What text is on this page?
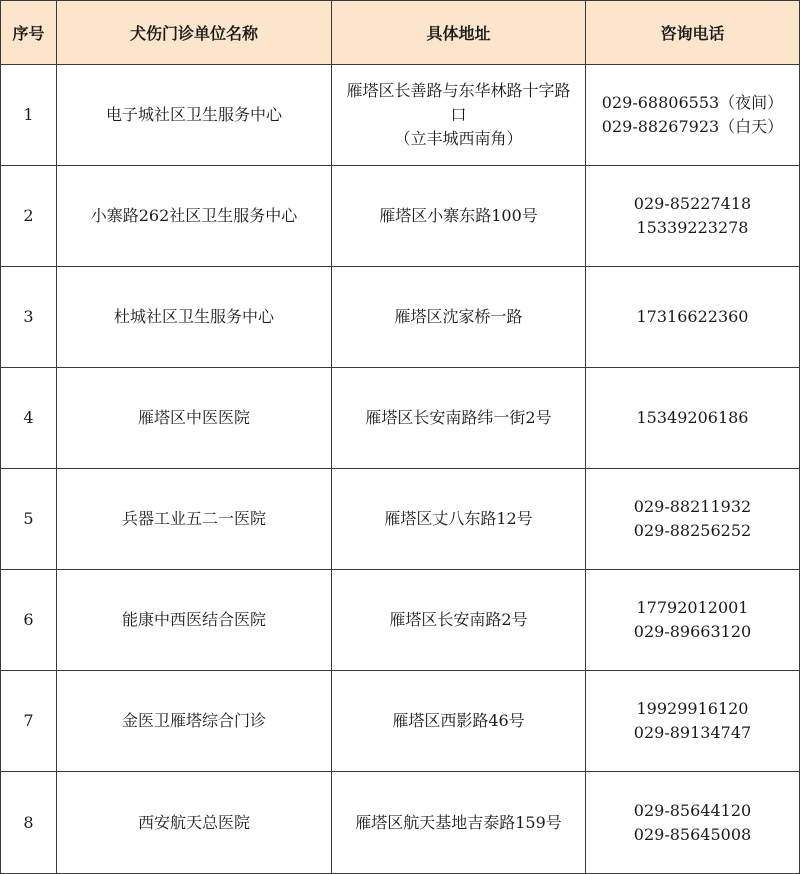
序号	犬伤门诊单位名称	具体地址	咨询电话
1	电子城社区卫生服务中心	雁塔区长善路与东华林路十字路口
（立丰城西南角）	029-68806553（夜间）
029-88267923（白天）

2	小寨路262社区卫生服务中心	雁塔区小寨东路100号	029-85227418
15339223278

3	杜城社区卫生服务中心	雁塔区沈家桥一路	17316622360

4	雁塔区中医医院	雁塔区长安南路纬一街2号	15349206186

5	兵器工业五二一医院	雁塔区丈八东路12号	029-88211932
029-88256252

6	能康中西医结合医院	雁塔区长安南路2号	17792012001
029-89663120

7	金医卫雁塔综合门诊	雁塔区西影路46号	19929916120
029-89134747

8	西安航天总医院	雁塔区航天基地吉泰路159号	029-85644120
029-85645008
